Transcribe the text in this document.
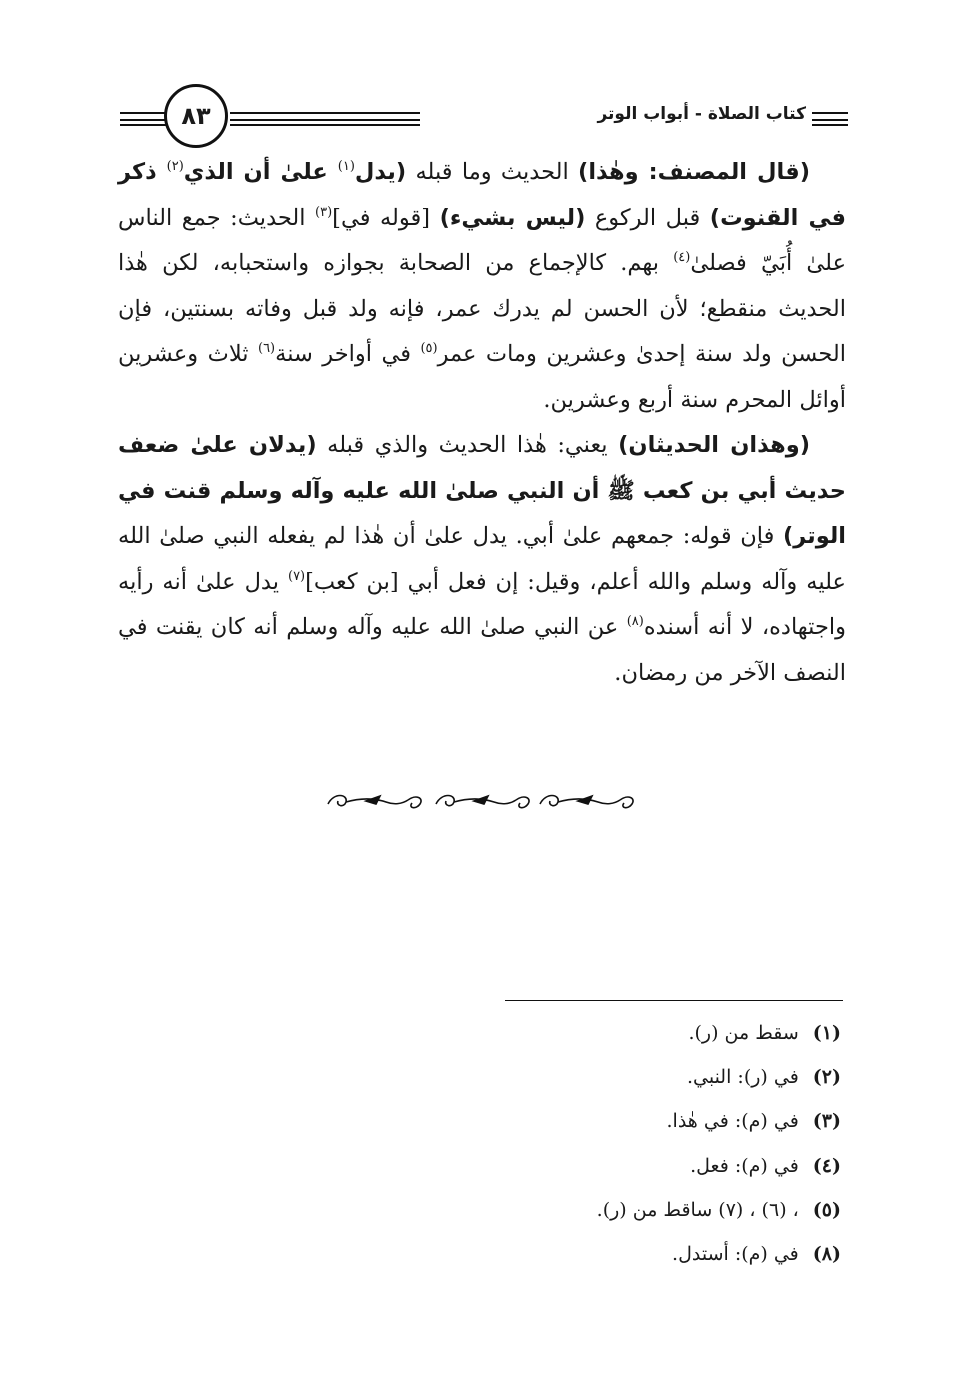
٨٣	كتاب الصلاة - أبواب الوتر

(قال المصنف: وهٰذا) الحديث وما قبله (يدل$^{(١)}$ علىٰ أن الذي$^{(٢)}$ ذكر في القنوت) قبل الركوع (ليس بشيء) [قوله في]$^{(٣)}$ الحديث: جمع الناس علىٰ أُبَيّ فصلىٰ$^{(٤)}$ بهم. كالإجماع من الصحابة بجوازه واستحبابه، لكن هٰذا الحديث منقطع؛ لأن الحسن لم يدرك عمر، فإنه ولد قبل وفاته بسنتين، فإن الحسن ولد سنة إحدىٰ وعشرين ومات عمر$^{(٥)}$ في أواخر سنة$^{(٦)}$ ثلاث وعشرين أوائل المحرم سنة أربع وعشرين.

(وهذان الحديثان) يعني: هٰذا الحديث والذي قبله (يدلان علىٰ ضعف حديث أبي بن كعب ﷺ أن النبي صلىٰ الله عليه وآله وسلم قنت في الوتر) فإن قوله: جمعهم علىٰ أبي. يدل علىٰ أن هٰذا لم يفعله النبي صلىٰ الله عليه وآله وسلم والله أعلم، وقيل: إن فعل أبي [بن كعب]$^{(٧)}$ يدل علىٰ أنه رأيه واجتهاده، لا أنه أسنده$^{(٨)}$ عن النبي صلىٰ الله عليه وآله وسلم أنه كان يقنت في النصف الآخر من رمضان.

(١)سقط من (ر).
(٢)في (ر): النبي.
(٣)في (م): في هٰذا.
(٤)في (م): فعل.
(٥)، (٦) ، (٧) ساقط من (ر).
(٨)في (م): أستدل.
